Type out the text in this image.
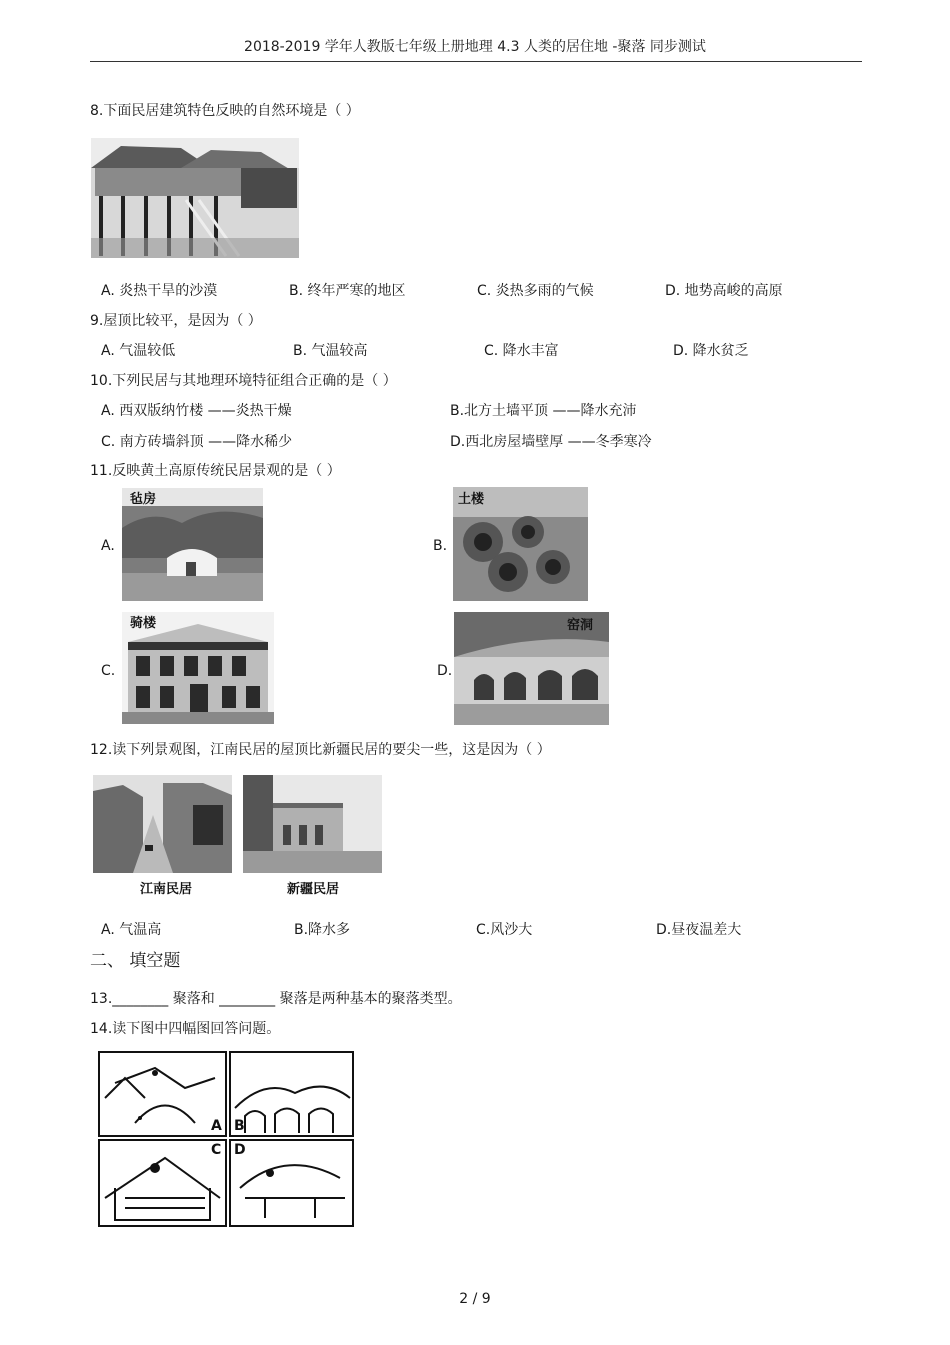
2018-2019 学年人教版七年级上册地理 4.3 人类的居住地 -聚落 同步测试
8.下面民居建筑特色反映的自然环境是（ ）
A. 炎热干旱的沙漠	B. 终年严寒的地区	C. 炎热多雨的气候	D. 地势高峻的高原
9.屋顶比较平，是因为（ ）
A. 气温较低	B. 气温较高	C. 降水丰富	D. 降水贫乏
10.下列民居与其地理环境特征组合正确的是（ ）
A. 西双版纳竹楼 ——炎热干燥	B.北方土墙平顶 ——降水充沛
C. 南方砖墙斜顶 ——降水稀少	D.西北房屋墙壁厚 ——冬季寒冷
11.反映黄土高原传统民居景观的是（ ）
A.
毡房
B.
土楼
C.
骑楼
D.
窑洞
12.读下列景观图，江南民居的屋顶比新疆民居的要尖一些，这是因为（ ）
江南民居	新疆民居
A. 气温高	B.降水多	C.风沙大	D.昼夜温差大
二、 填空题
13.________ 聚落和 ________ 聚落是两种基本的聚落类型。
14.读下图中四幅图回答问题。
A B
C D
2 / 9
